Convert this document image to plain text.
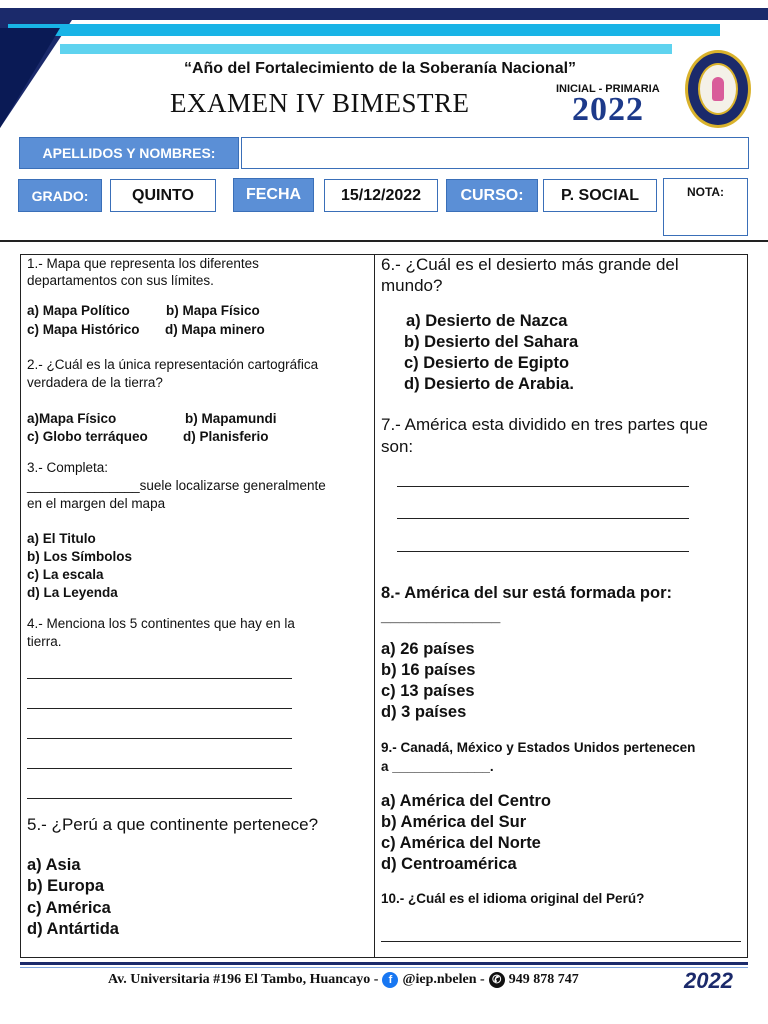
“Año del Fortalecimiento de la Soberanía Nacional”
EXAMEN IV BIMESTRE	INICIAL - PRIMARIA
2022
APELLIDOS Y NOMBRES:
GRADO:	QUINTO	FECHA	15/12/2022	CURSO:	P. SOCIAL	NOTA:
1.- Mapa que representa los diferentes
departamentos con sus límites.
a) Mapa Político	b) Mapa Físico
c) Mapa Histórico d) Mapa minero
2.- ¿Cuál es la única representación cartográfica
verdadera de la tierra?
a)Mapa Físico	b) Mapamundi
c) Globo terráqueo	d) Planisferio
3.- Completa:
_______________suele localizarse generalmente
en el margen del mapa
a) El Titulo
b) Los Símbolos
c) La escala
d) La Leyenda
4.- Menciona los 5 continentes que hay en la
tierra.
5.- ¿Perú a que continente pertenece?
a) Asia
b) Europa
c) América
d) Antártida
6.- ¿Cuál es el desierto más grande del
mundo?
a) Desierto de Nazca
b) Desierto del Sahara
c) Desierto de Egipto
d) Desierto de Arabia.
7.- América esta dividido en tres partes que
son:
8.- América del sur está formada por:
_____________
a) 26 países
b) 16 países
c) 13 países
d) 3 países
9.- Canadá, México y Estados Unidos pertenecen
a _____________.
a) América del Centro
b) América del Sur
c) América del Norte
d) Centroamérica
10.- ¿Cuál es el idioma original del Perú?
Av. Universitaria #196 El Tambo, Huancayo - f @iep.nbelen - ✆ 949 878 747	2022
